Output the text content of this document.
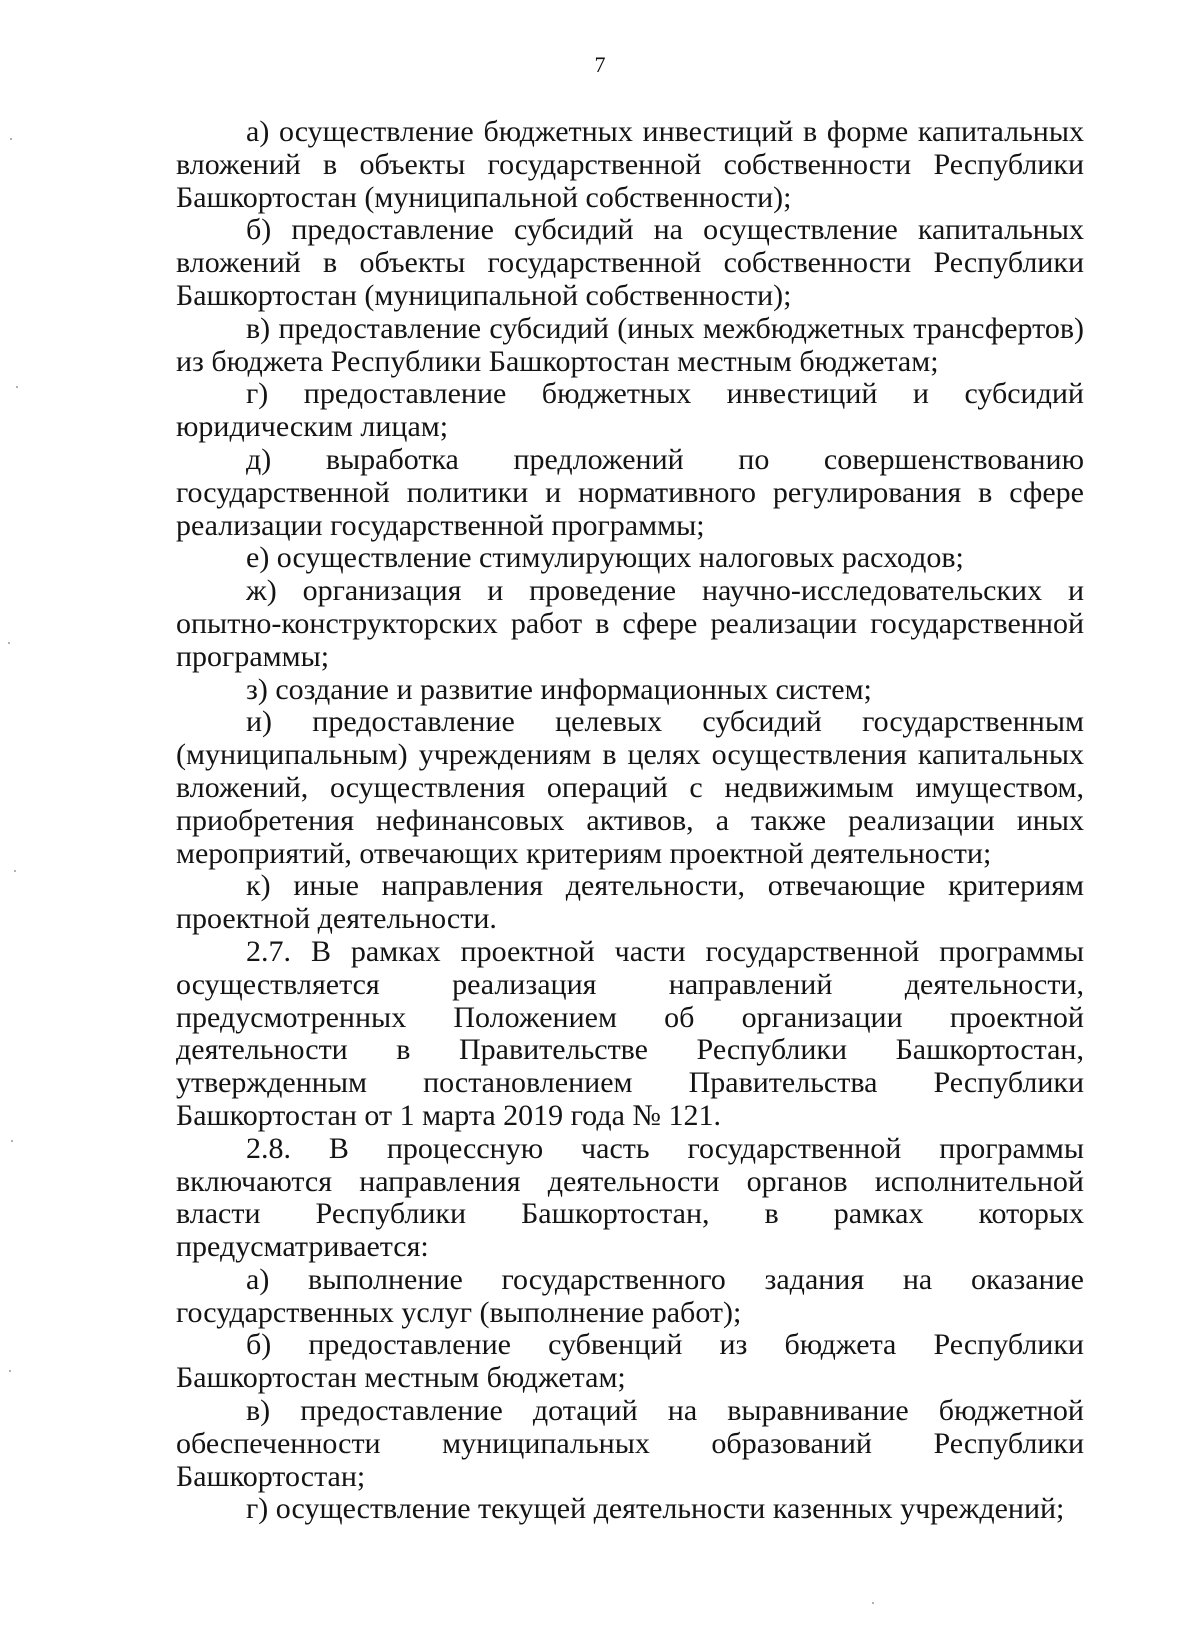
7

а) осуществление бюджетных инвестиций в форме капитальных вложений в объекты государственной собственности Республики Башкортостан (муниципальной собственности);

б) предоставление субсидий на осуществление капитальных вложений в объекты государственной собственности Республики Башкортостан (муниципальной собственности);

в) предоставление субсидий (иных межбюджетных трансфертов) из бюджета Республики Башкортостан местным бюджетам;

г) предоставление бюджетных инвестиций и субсидий юридическим лицам;

д) выработка предложений по совершенствованию государственной политики и нормативного регулирования в сфере реализации государственной программы;

е) осуществление стимулирующих налоговых расходов;

ж) организация и проведение научно-исследовательских и опытно-конструкторских работ в сфере реализации государственной программы;

з) создание и развитие информационных систем;

и) предоставление целевых субсидий государственным (муниципальным) учреждениям в целях осуществления капитальных вложений, осуществления операций с недвижимым имуществом, приобретения нефинансовых активов, а также реализации иных мероприятий, отвечающих критериям проектной деятельности;

к) иные направления деятельности, отвечающие критериям проектной деятельности.

2.7. В рамках проектной части государственной программы осуществляется реализация направлений деятельности, предусмотренных Положением об организации проектной деятельности в Правительстве Республики Башкортостан, утвержденным постановлением Правительства Республики Башкортостан от 1 марта 2019 года № 121.

2.8. В процессную часть государственной программы включаются направления деятельности органов исполнительной власти Республики Башкортостан, в рамках которых предусматривается:

а) выполнение государственного задания на оказание государственных услуг (выполнение работ);

б) предоставление субвенций из бюджета Республики Башкортостан местным бюджетам;

в) предоставление дотаций на выравнивание бюджетной обеспеченности муниципальных образований Республики Башкортостан;

г) осуществление текущей деятельности казенных учреждений;
